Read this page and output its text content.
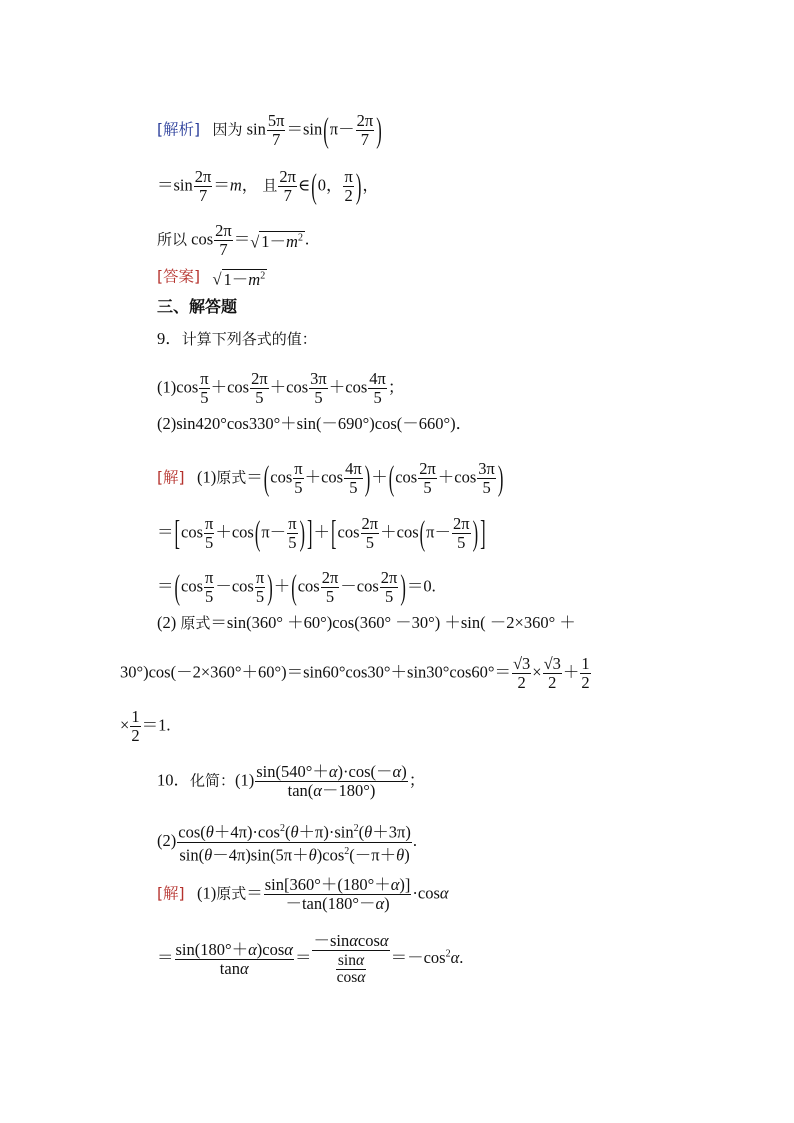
[解析] 因为 $\sin \frac{5\pi}{7} =\sin(\pi- \frac{2\pi}{7}$ )
$=\sin \frac{2\pi}{7} =m$， 且 $\frac{2\pi}{7}$ ∈(0， $\frac{\pi}{2}$ )，
所以 $\cos \frac{2\pi}{7}$ ＝√ $1-m^2$ .
[答案] √ $1-m^2$
三、解答题
9．计算下列各式的值：
$(1)\cos \frac{\pi}{5} +\cos \frac{2\pi}{5} +\cos \frac{3\pi}{5} +\cos \frac{4\pi}{5}$ ；
(2)sin420°cos330°＋sin(－690°)cos(－660°)．
[解]   (1)原式$=(\cos \frac{\pi}{5} +\cos \frac{4\pi}{5} )+(\cos \frac{2\pi}{5} +\cos \frac{3\pi}{5}$ )
$=[\cos \frac{\pi}{5} +\cos(\pi- \frac{\pi}{5}$ ) ]$+[\cos \frac{2\pi}{5} +\cos(\pi- \frac{2\pi}{5}$ ) ]
$=(\cos \frac{\pi}{5} -\cos \frac{\pi}{5} )+(\cos \frac{2\pi}{5} -\cos \frac{2\pi}{5} )=0$.
(2) 原式＝sin(360° ＋60°)cos(360° －30°) ＋sin( －2×360° ＋
$30^\circ)\cos(-2\times 360^\circ+60^\circ)=\sin 60^\circ\cos 30^\circ+\sin 30^\circ\cos 60^\circ= \frac{√3}{2} \times \frac{√3}{2} + \frac{1}{2}$
× $\frac{1}{2} =1$.
10．化简：$(1) \frac{\sin(540^\circ+\alpha)\cdot\cos(-\alpha)}{\tan(\alpha-180^\circ)}$ ；
$(2) \frac{\cos(\theta+4\pi)\cdot\cos^2(\theta+\pi)\cdot\sin^2(\theta+3\pi)}{\sin(\theta-4\pi)\sin(5\pi+\theta)\cos^2(-\pi+\theta)}$ .
[解]   (1)原式＝ $\frac{\sin[360^\circ+(180^\circ+\alpha)]}{-\tan(180^\circ-\alpha)} \cdot\cos\alpha$
＝ $\frac{\sin(180^\circ+\alpha)\cos\alpha}{\tan\alpha} = \frac{-\sin\alpha\cos\alpha}{\frac{\sin\alpha}{\cos\alpha}} =-\cos^2\alpha$.
